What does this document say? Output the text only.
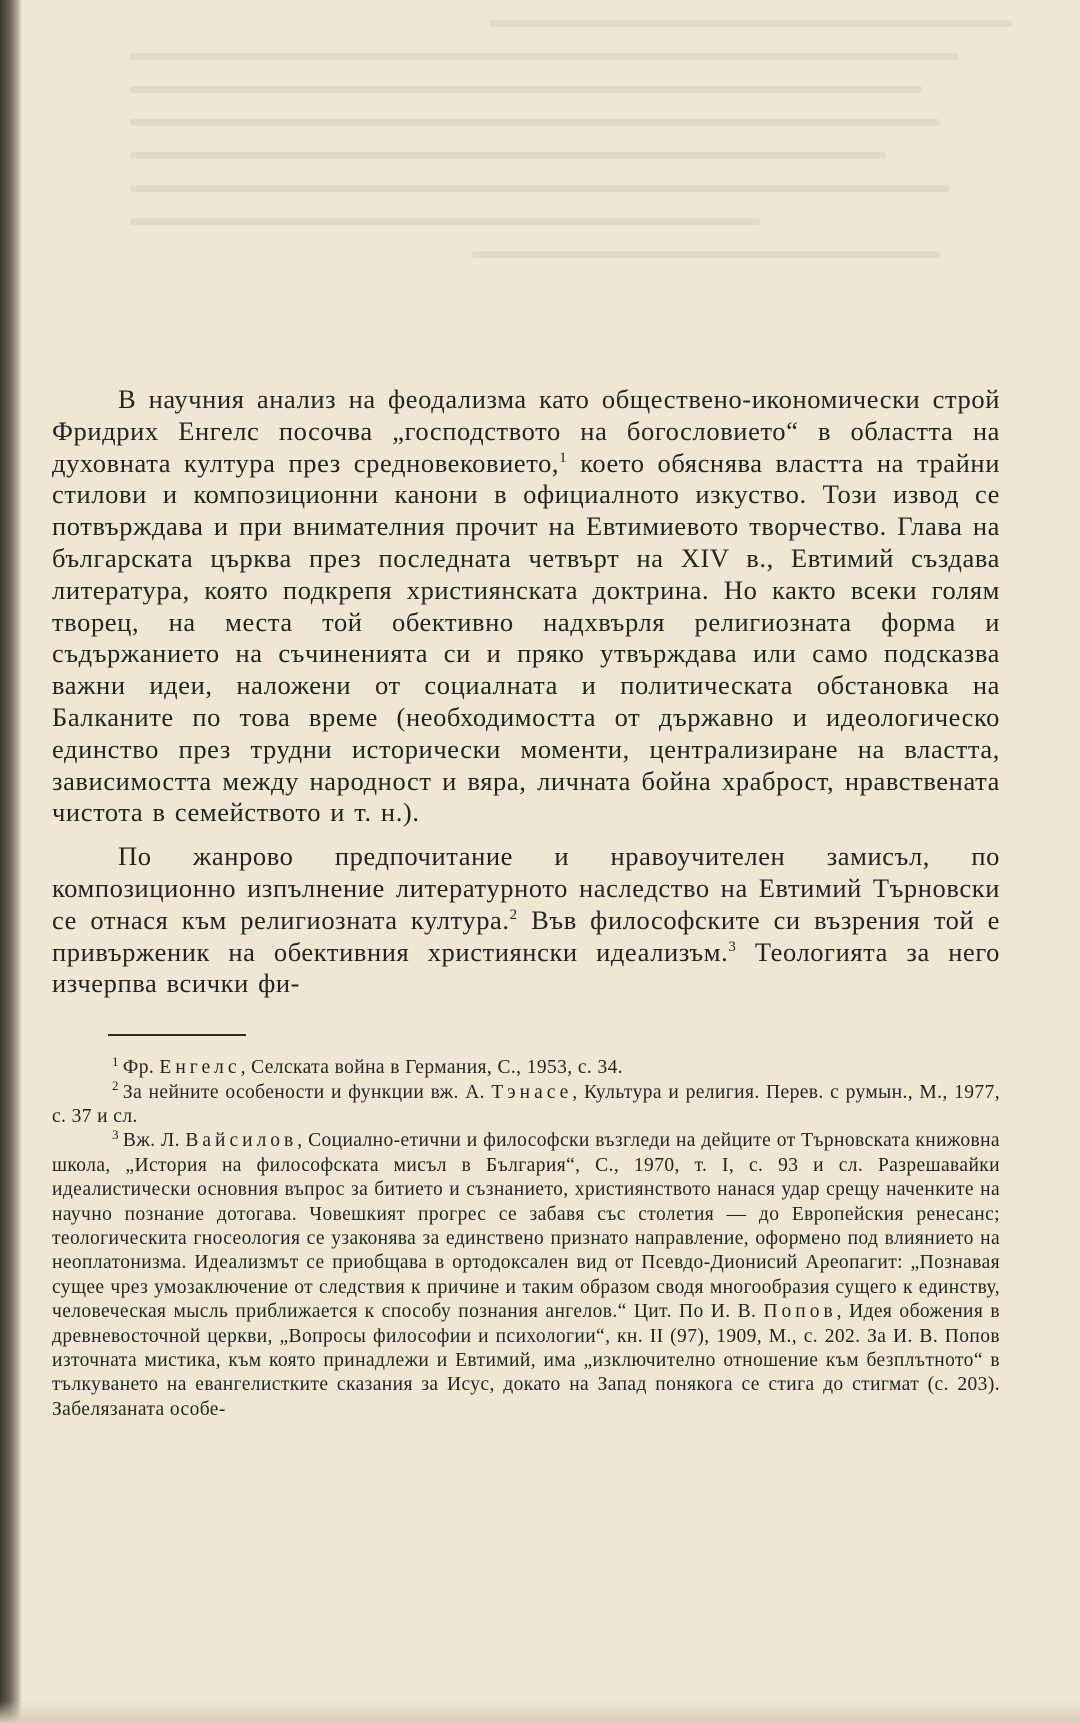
В научния анализ на феодализма като обществено-икономически строй Фридрих Енгелс посочва „господството на богословието“ в областта на духовната култура през средновековието,$^1$ което обяснява властта на трайни стилови и композиционни канони в официалното изкуство. Този извод се потвърждава и при внимателния прочит на Евтимиевото творчество. Глава на българската църква през последната четвърт на XIV в., Евтимий създава литература, която подкрепя християнската доктрина. Но както всеки голям творец, на места той обективно надхвърля религиозната форма и съдържанието на съчиненията си и пряко утвърждава или само подсказва важни идеи, наложени от социалната и политическата обстановка на Балканите по това време (необходимостта от държавно и идеологическо единство през трудни исторически моменти, централизиране на властта, зависимостта между народност и вяра, личната бойна храброст, нравствената чистота в семейството и т. н.).

По жанрово предпочитание и нравоучителен замисъл, по композиционно изпълнение литературното наследство на Евтимий Търновски се отнася към религиозната култура.$^2$ Във философските си възрения той е привърженик на обективния християнски идеализъм.$^3$ Теологията за него изчерпва всички фи-

$^1$ Фр. Енгелс, Селската война в Германия, С., 1953, с. 34.

$^2$ За нейните особености и функции вж. А. Тэнасе, Культура и религия. Перев. с румын., М., 1977, с. 37 и сл.

$^3$ Вж. Л. Вайсилов, Социално-етични и философски възгледи на дейците от Търновската книжовна школа, „История на философската мисъл в България“, С., 1970, т. I, с. 93 и сл. Разрешавайки идеалистически основния въпрос за битието и съзнанието, християнството нанася удар срещу наченките на научно познание дотогава. Човешкият прогрес се забавя със столетия — до Европейския ренесанс; теологическита гносеология се узаконява за единствено признато направление, оформено под влиянието на неоплатонизма. Идеализмът се приобщава в ортодоксален вид от Псевдо-Дионисий Ареопагит: „Познавая сущее чрез умозаключение от следствия к причине и таким образом сводя многообразия сущего к единству, человеческая мысль приближается к способу познания ангелов.“ Цит. По И. В. Попов, Идея обожения в древневосточной церкви, „Вопросы философии и психологии“, кн. II (97), 1909, М., с. 202. За И. В. Попов източната мистика, към която принадлежи и Евтимий, има „изключително отношение към безплътното“ в тълкуването на евангелистките сказания за Исус, докато на Запад понякога се стига до стигмат (с. 203). Забелязаната особе-
